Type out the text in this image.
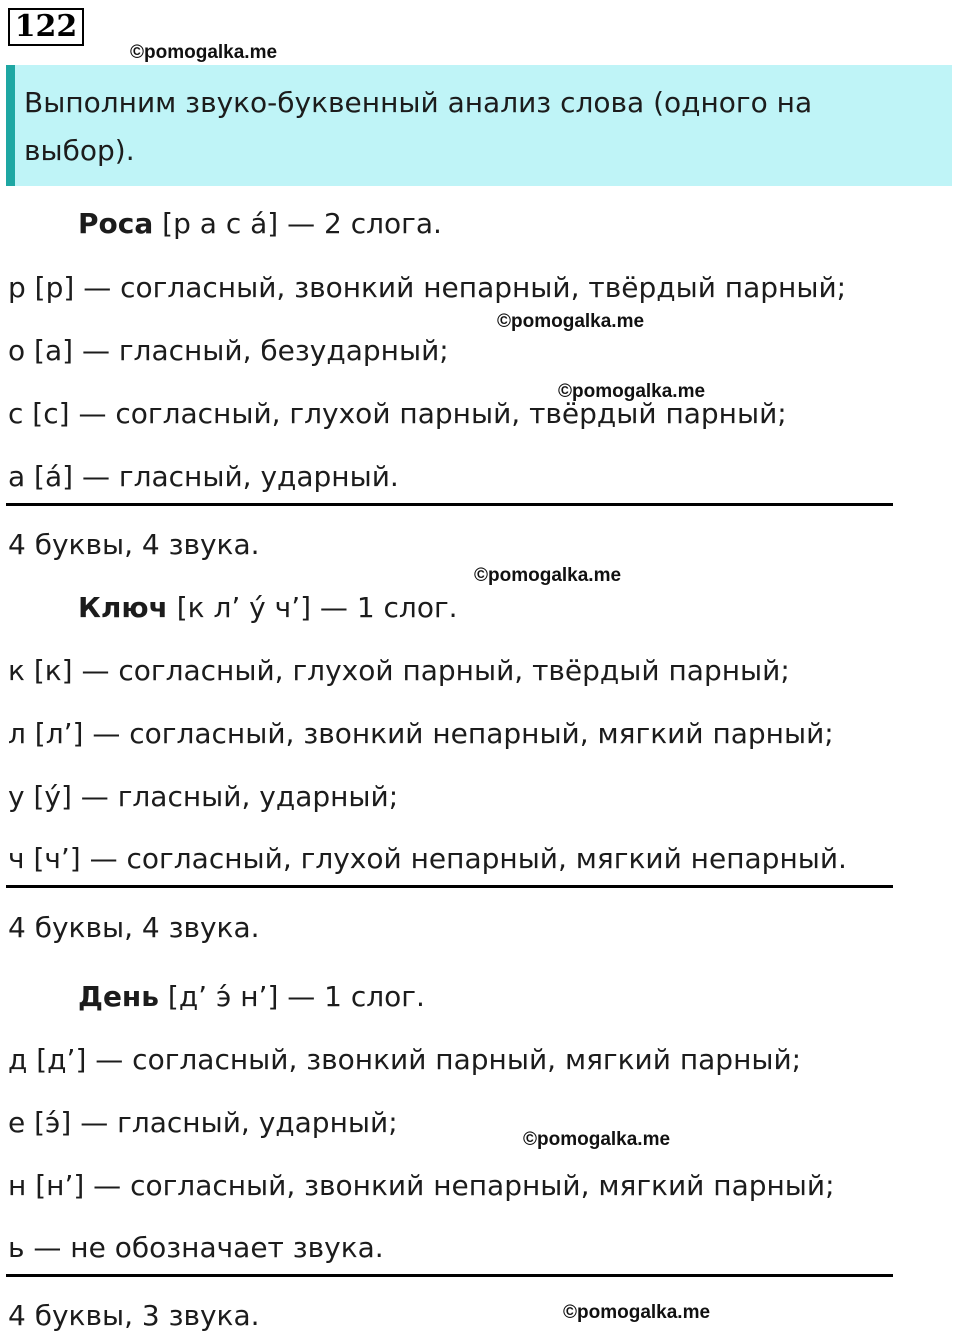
122
©pomogalka.me
Выполним звуко-буквенный анализ слова (одного на выбор).
Роса [р а с á] — 2 слога.
р [р] — согласный, звонкий непарный, твёрдый парный;
©pomogalka.me
о [а] — гласный, безударный;
©pomogalka.me
с [с] — согласный, глухой парный, твёрдый парный;
а [á] — гласный, ударный.
4 буквы, 4 звука.
©pomogalka.me
Ключ [к л’ ý ч’] — 1 слог.
к [к] — согласный, глухой парный, твёрдый парный;
л [л’] — согласный, звонкий непарный, мягкий парный;
у [ý] — гласный, ударный;
ч [ч’] — согласный, глухой непарный, мягкий непарный.
4 буквы, 4 звука.
День [д’ э́ н’] — 1 слог.
д [д’] — согласный, звонкий парный, мягкий парный;
е [э́] — гласный, ударный;
©pomogalka.me
н [н’] — согласный, звонкий непарный, мягкий парный;
ь — не обозначает звука.
4 буквы, 3 звука.	©pomogalka.me
